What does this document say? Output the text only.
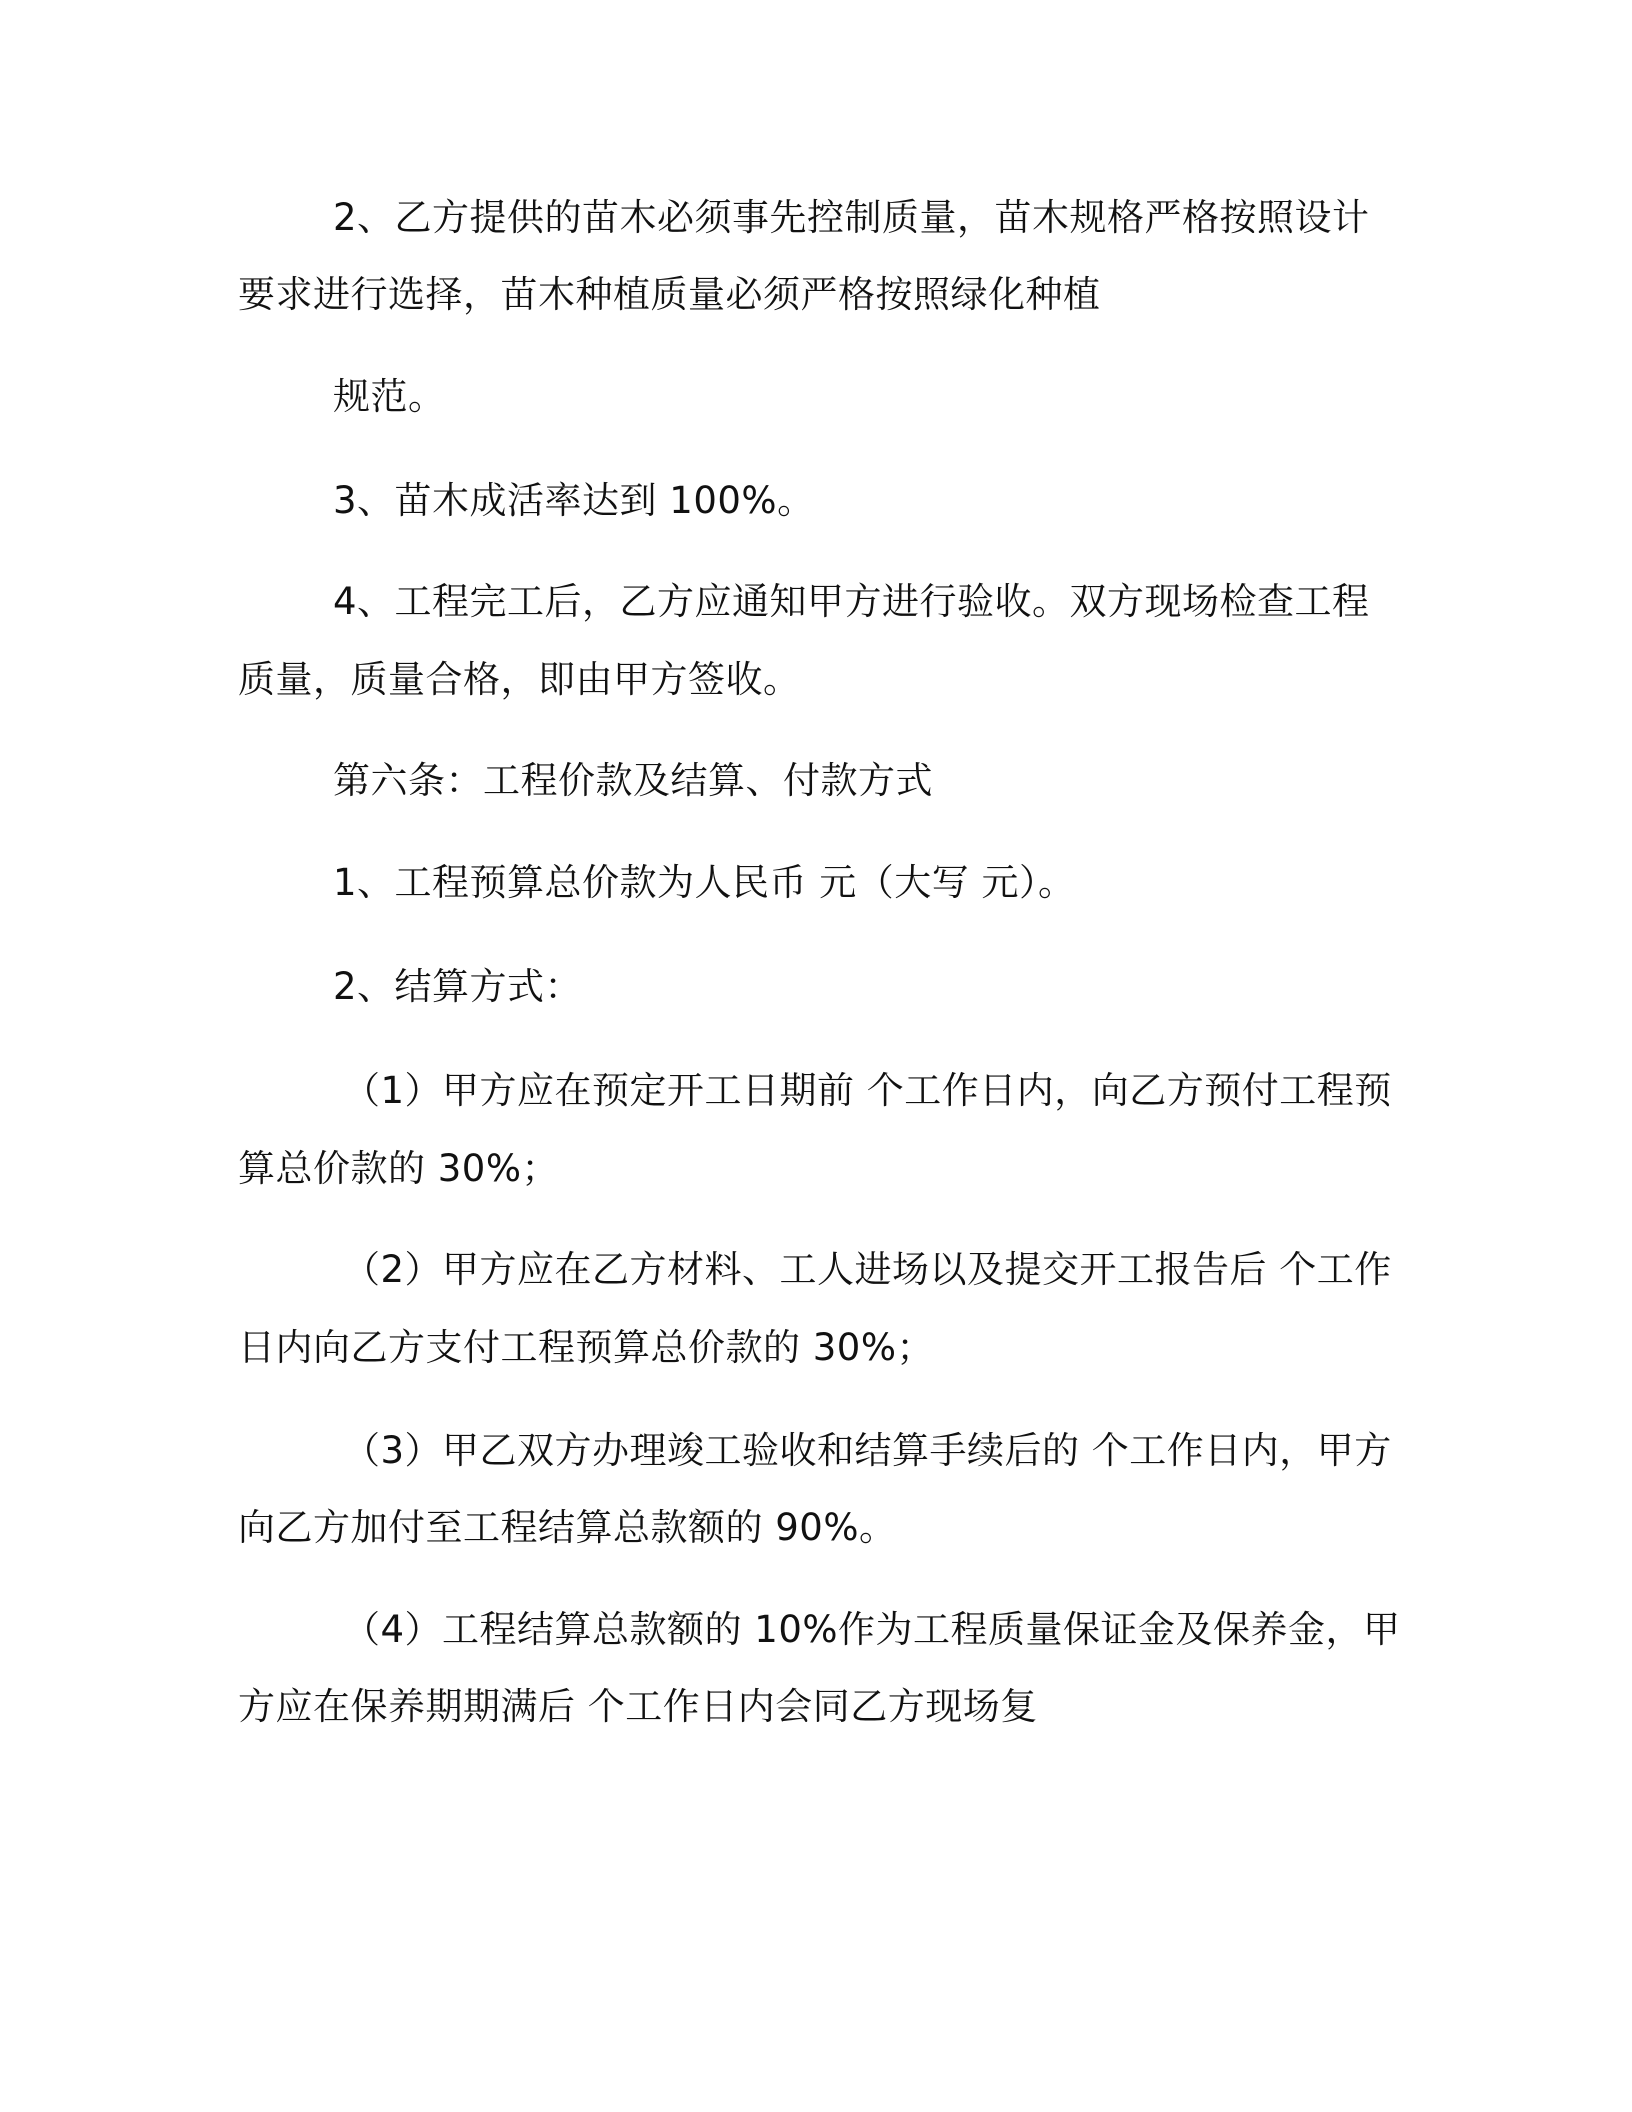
2、乙方提供的苗木必须事先控制质量，苗木规格严格按照设计

要求进行选择，苗木种植质量必须严格按照绿化种植

规范。

3、苗木成活率达到 100%。

4、工程完工后，乙方应通知甲方进行验收。双方现场检查工程

质量，质量合格，即由甲方签收。

第六条：工程价款及结算、付款方式

1、工程预算总价款为人民币 元（大写 元）。

2、结算方式：

（1）甲方应在预定开工日期前 个工作日内，向乙方预付工程预

算总价款的 30%；

（2）甲方应在乙方材料、工人进场以及提交开工报告后 个工作

日内向乙方支付工程预算总价款的 30%；

（3）甲乙双方办理竣工验收和结算手续后的 个工作日内，甲方

向乙方加付至工程结算总款额的 90%。

（4）工程结算总款额的 10%作为工程质量保证金及保养金，甲

方应在保养期期满后 个工作日内会同乙方现场复
